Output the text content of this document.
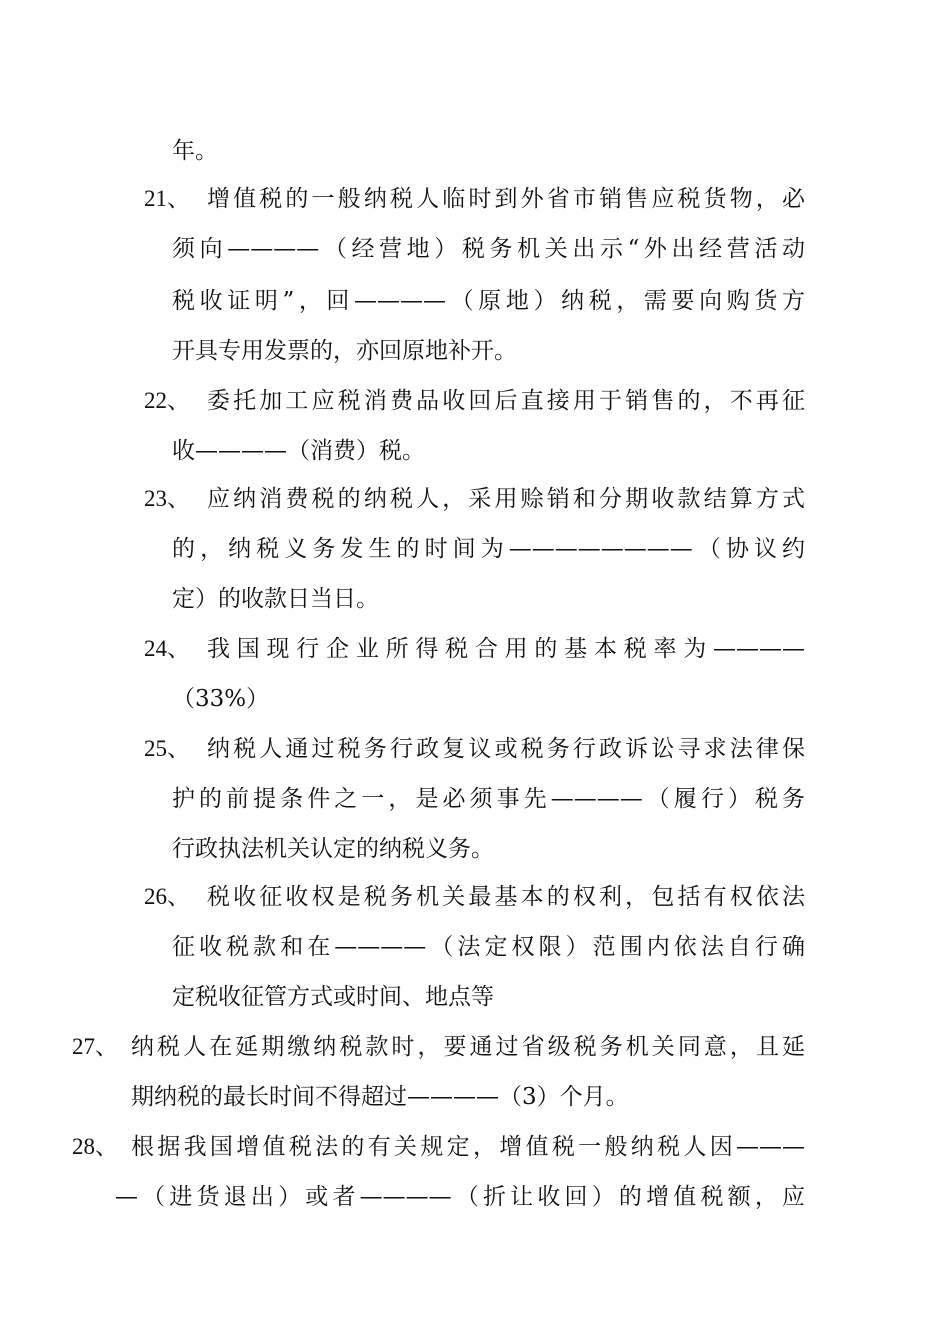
年。
21、 增值税的一般纳税人临时到外省市销售应税货物，必
须向————（经营地）税务机关出示“外出经营活动
税收证明”，回————（原地）纳税，需要向购货方
开具专用发票的，亦回原地补开。
22、 委托加工应税消费品收回后直接用于销售的，不再征
收————（消费）税。
23、 应纳消费税的纳税人，采用赊销和分期收款结算方式
的，纳税义务发生的时间为————————（协议约
定）的收款日当日。
24、 我国现行企业所得税合用的基本税率为————
（33%）
25、 纳税人通过税务行政复议或税务行政诉讼寻求法律保
护的前提条件之一，是必须事先————（履行）税务
行政执法机关认定的纳税义务。
26、 税收征收权是税务机关最基本的权利，包括有权依法
征收税款和在————（法定权限）范围内依法自行确
定税收征管方式或时间、地点等
27、 纳税人在延期缴纳税款时，要通过省级税务机关同意，且延
期纳税的最长时间不得超过————（3）个月。
28、 根据我国增值税法的有关规定，增值税一般纳税人因———
—（进货退出）或者————（折让收回）的增值税额，应
